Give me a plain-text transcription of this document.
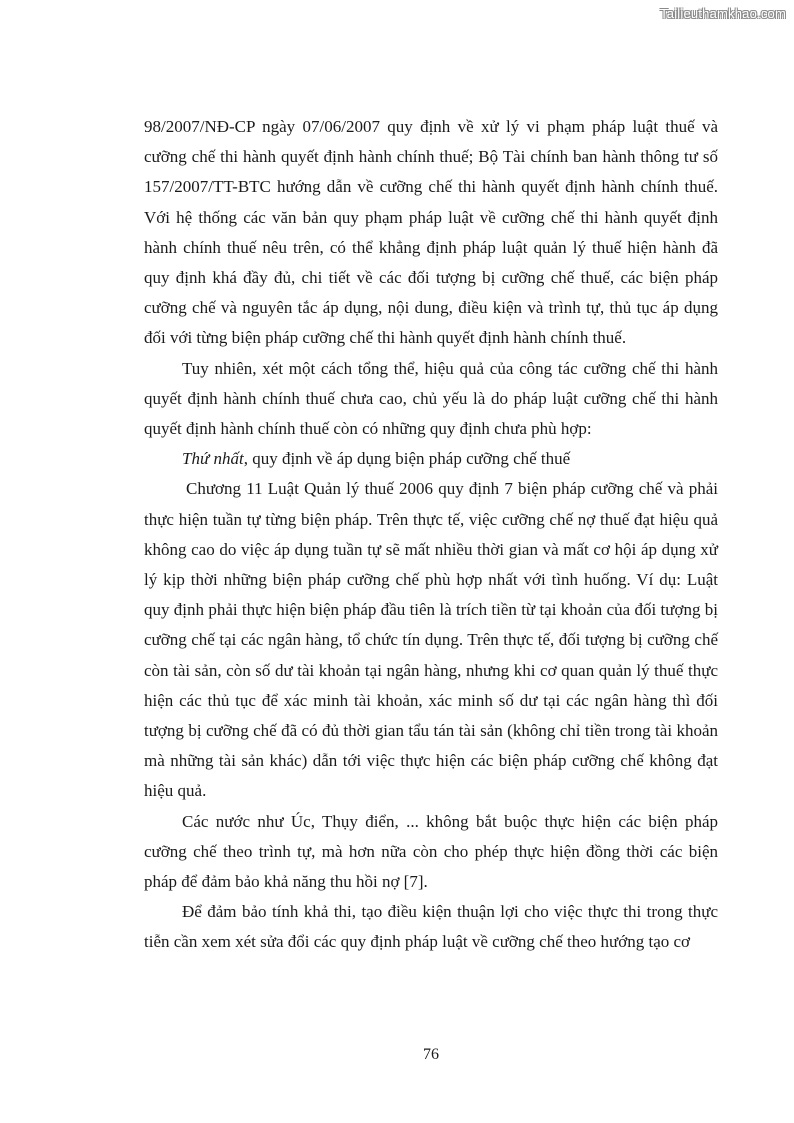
Tailieuthamkhao.com

98/2007/NĐ-CP ngày 07/06/2007 quy định về xử lý vi phạm pháp luật thuế và cưỡng chế thi hành quyết định hành chính thuế; Bộ Tài chính ban hành thông tư số 157/2007/TT-BTC hướng dẫn về cưỡng chế thi hành quyết định hành chính thuế. Với hệ thống các văn bản quy phạm pháp luật về cưỡng chế thi hành quyết định hành chính thuế nêu trên, có thể khẳng định pháp luật quản lý thuế hiện hành đã quy định khá đầy đủ, chi tiết về các đối tượng bị cưỡng chế thuế, các biện pháp cưỡng chế và nguyên tắc áp dụng, nội dung, điều kiện và trình tự, thủ tục áp dụng đối với từng biện pháp cưỡng chế thi hành quyết định hành chính thuế.

Tuy nhiên, xét một cách tổng thể, hiệu quả của công tác cưỡng chế thi hành quyết định hành chính thuế chưa cao, chủ yếu là do pháp luật cưỡng chế thi hành quyết định hành chính thuế còn có những quy định chưa phù hợp:

Thứ nhất, quy định về áp dụng biện pháp cưỡng chế thuế

Chương 11 Luật Quản lý thuế 2006 quy định 7 biện pháp cưỡng chế và phải thực hiện tuần tự từng biện pháp. Trên thực tế, việc cưỡng chế nợ thuế đạt hiệu quả không cao do việc áp dụng tuần tự sẽ mất nhiều thời gian và mất cơ hội áp dụng xử lý kịp thời những biện pháp cưỡng chế phù hợp nhất với tình huống. Ví dụ: Luật quy định phải thực hiện biện pháp đầu tiên là trích tiền từ tại khoản của đối tượng bị cưỡng chế tại các ngân hàng, tổ chức tín dụng. Trên thực tế, đối tượng bị cưỡng chế còn tài sản, còn số dư tài khoản tại ngân hàng, nhưng khi cơ quan quản lý thuế thực hiện các thủ tục để xác minh tài khoản, xác minh số dư tại các ngân hàng thì đối tượng bị cưỡng chế đã có đủ thời gian tẩu tán tài sản (không chỉ tiền trong tài khoản mà những tài sản khác) dẫn tới việc thực hiện các biện pháp cưỡng chế không đạt hiệu quả.

Các nước như Úc, Thụy điển, ... không bắt buộc thực hiện các biện pháp cưỡng chế theo trình tự, mà hơn nữa còn cho phép thực hiện đồng thời các biện pháp để đảm bảo khả năng thu hồi nợ [7].

Để đảm bảo tính khả thi, tạo điều kiện thuận lợi cho việc thực thi trong thực tiễn cần xem xét sửa đổi các quy định pháp luật về cưỡng chế theo hướng tạo cơ

76
